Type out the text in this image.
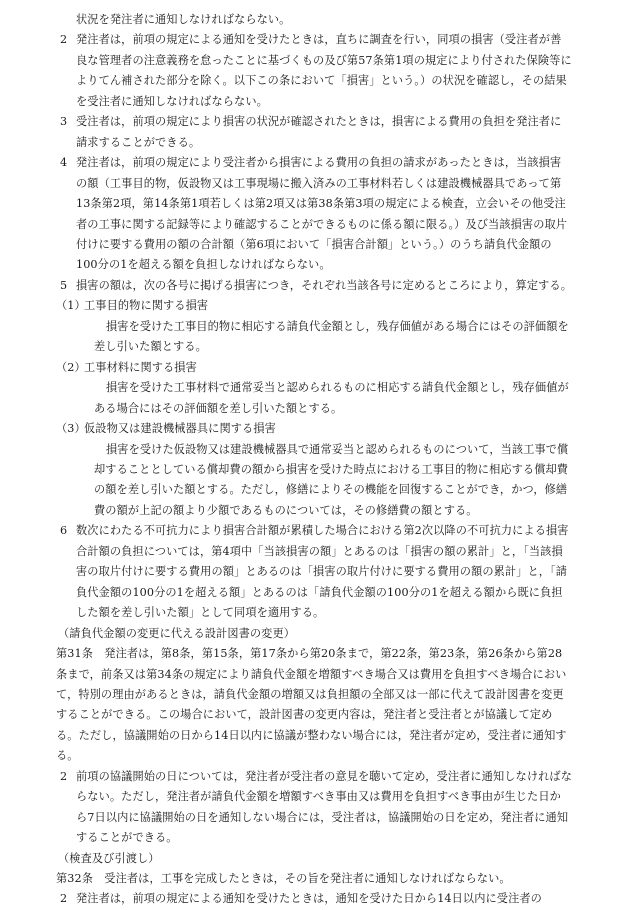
状況を発注者に通知しなければならない。

2 発注者は，前項の規定による通知を受けたときは，直ちに調査を行い，同項の損害（受注者が善良な管理者の注意義務を怠ったことに基づくもの及び第57条第1項の規定により付された保険等によりてん補された部分を除く。以下この条において「損害」という。）の状況を確認し，その結果を受注者に通知しなければならない。

3 受注者は，前項の規定により損害の状況が確認されたときは，損害による費用の負担を発注者に請求することができる。

4 発注者は，前項の規定により受注者から損害による費用の負担の請求があったときは，当該損害の額（工事目的物，仮設物又は工事現場に搬入済みの工事材料若しくは建設機械器具であって第13条第2項，第14条第1項若しくは第2項又は第38条第3項の規定による検査，立会いその他受注者の工事に関する記録等により確認することができるものに係る額に限る。）及び当該損害の取片付けに要する費用の額の合計額（第6項において「損害合計額」という。）のうち請負代金額の100分の1を超える額を負担しなければならない。

5 損害の額は，次の各号に掲げる損害につき，それぞれ当該各号に定めるところにより，算定する。

（1）
工事目的物に関する損害

損害を受けた工事目的物に相応する請負代金額とし，残存価値がある場合にはその評価額を差し引いた額とする。

（2）
工事材料に関する損害

損害を受けた工事材料で通常妥当と認められるものに相応する請負代金額とし，残存価値がある場合にはその評価額を差し引いた額とする。

（3）
仮設物又は建設機械器具に関する損害

損害を受けた仮設物又は建設機械器具で通常妥当と認められるものについて，当該工事で償却することとしている償却費の額から損害を受けた時点における工事目的物に相応する償却費の額を差し引いた額とする。ただし，修繕によりその機能を回復することができ，かつ，修繕費の額が上記の額より少額であるものについては，その修繕費の額とする。

6 数次にわたる不可抗力により損害合計額が累積した場合における第2次以降の不可抗力による損害合計額の負担については，第4項中「当該損害の額」とあるのは「損害の額の累計」と，「当該損害の取片付けに要する費用の額」とあるのは「損害の取片付けに要する費用の額の累計」と，「請負代金額の100分の1を超える額」とあるのは「請負代金額の100分の1を超える額から既に負担した額を差し引いた額」として同項を適用する。

（請負代金額の変更に代える設計図書の変更）

第31条　発注者は，第8条，第15条，第17条から第20条まで，第22条，第23条，第26条から第28条まで，前条又は第34条の規定により請負代金額を増額すべき場合又は費用を負担すべき場合において，特別の理由があるときは，請負代金額の増額又は負担額の全部又は一部に代えて設計図書を変更することができる。この場合において，設計図書の変更内容は，発注者と受注者とが協議して定める。ただし，協議開始の日から14日以内に協議が整わない場合には，発注者が定め，受注者に通知する。

2 前項の協議開始の日については，発注者が受注者の意見を聴いて定め，受注者に通知しなければならない。ただし，発注者が請負代金額を増額すべき事由又は費用を負担すべき事由が生じた日から7日以内に協議開始の日を通知しない場合には，受注者は，協議開始の日を定め，発注者に通知することができる。

（検査及び引渡し）

第32条　受注者は，工事を完成したときは，その旨を発注者に通知しなければならない。

2 発注者は，前項の規定による通知を受けたときは，通知を受けた日から14日以内に受注者の
